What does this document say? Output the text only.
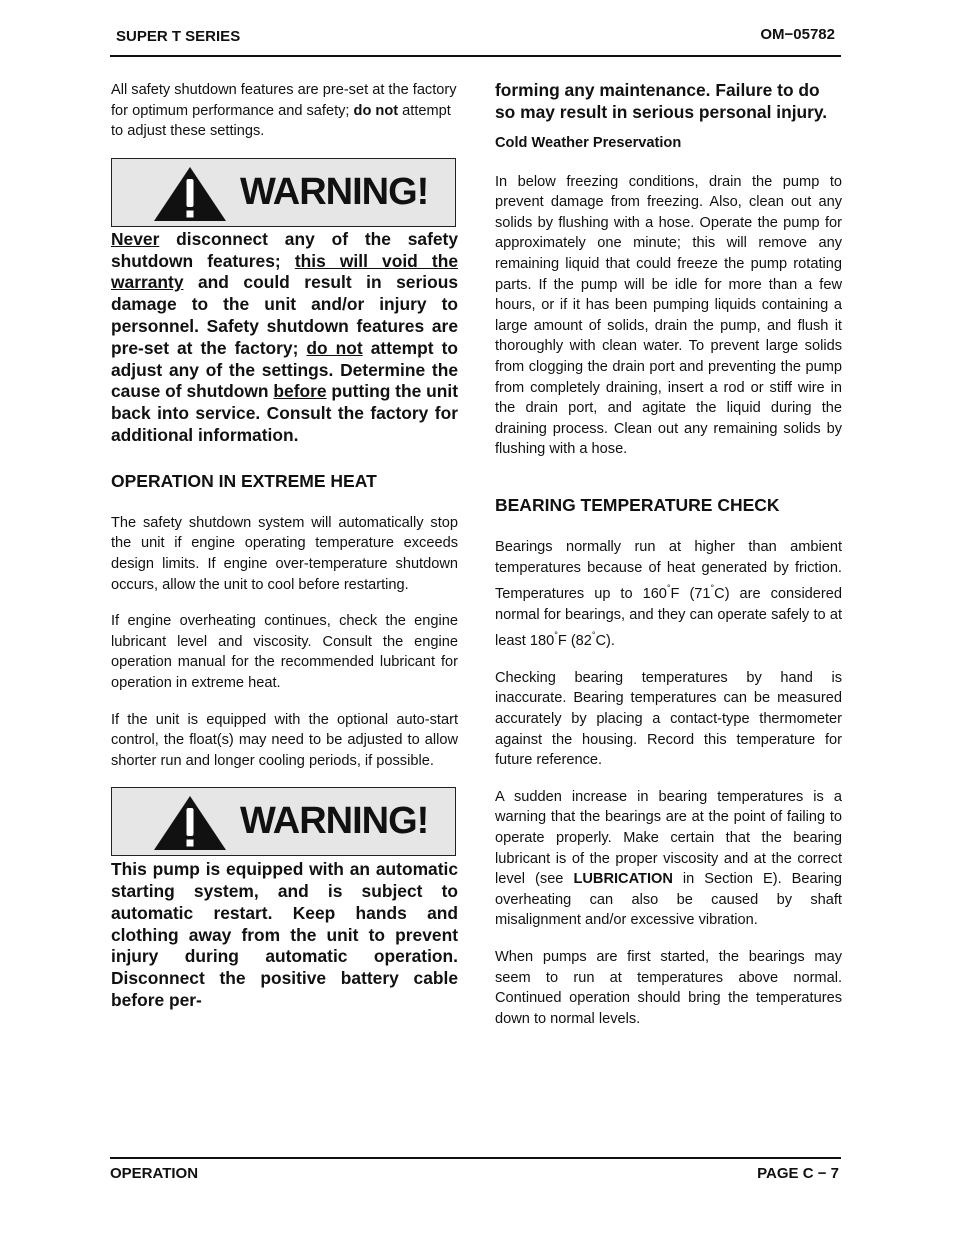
SUPER T SERIES	OM−05782

All safety shutdown features are pre-set at the factory for optimum performance and safety; do not attempt to adjust these settings.

WARNING!

Never disconnect any of the safety shutdown features; this will void the warranty and could result in serious damage to the unit and/or injury to personnel. Safety shutdown features are pre-set at the factory; do not attempt to adjust any of the settings. Determine the cause of shutdown before putting the unit back into service. Consult the factory for additional information.

OPERATION IN EXTREME HEAT

The safety shutdown system will automatically stop the unit if engine operating temperature exceeds design limits. If engine over-temperature shutdown occurs, allow the unit to cool before restarting.

If engine overheating continues, check the engine lubricant level and viscosity. Consult the engine operation manual for the recommended lubricant for operation in extreme heat.

If the unit is equipped with the optional auto-start control, the float(s) may need to be adjusted to allow shorter run and longer cooling periods, if possible.

WARNING!

This pump is equipped with an automatic starting system, and is subject to automatic restart. Keep hands and clothing away from the unit to prevent injury during automatic operation. Disconnect the positive battery cable before per-

forming any maintenance. Failure to do so may result in serious personal injury.

Cold Weather Preservation

In below freezing conditions, drain the pump to prevent damage from freezing. Also, clean out any solids by flushing with a hose. Operate the pump for approximately one minute; this will remove any remaining liquid that could freeze the pump rotating parts. If the pump will be idle for more than a few hours, or if it has been pumping liquids containing a large amount of solids, drain the pump, and flush it thoroughly with clean water. To prevent large solids from clogging the drain port and preventing the pump from completely draining, insert a rod or stiff wire in the drain port, and agitate the liquid during the draining process. Clean out any remaining solids by flushing with a hose.

BEARING TEMPERATURE CHECK

Bearings normally run at higher than ambient temperatures because of heat generated by friction. Temperatures up to 160°F (71°C) are considered normal for bearings, and they can operate safely to at least 180°F (82°C).

Checking bearing temperatures by hand is inaccurate. Bearing temperatures can be measured accurately by placing a contact-type thermometer against the housing. Record this temperature for future reference.

A sudden increase in bearing temperatures is a warning that the bearings are at the point of failing to operate properly. Make certain that the bearing lubricant is of the proper viscosity and at the correct level (see LUBRICATION in Section E). Bearing overheating can also be caused by shaft misalignment and/or excessive vibration.

When pumps are first started, the bearings may seem to run at temperatures above normal. Continued operation should bring the temperatures down to normal levels.

OPERATION	PAGE C − 7
